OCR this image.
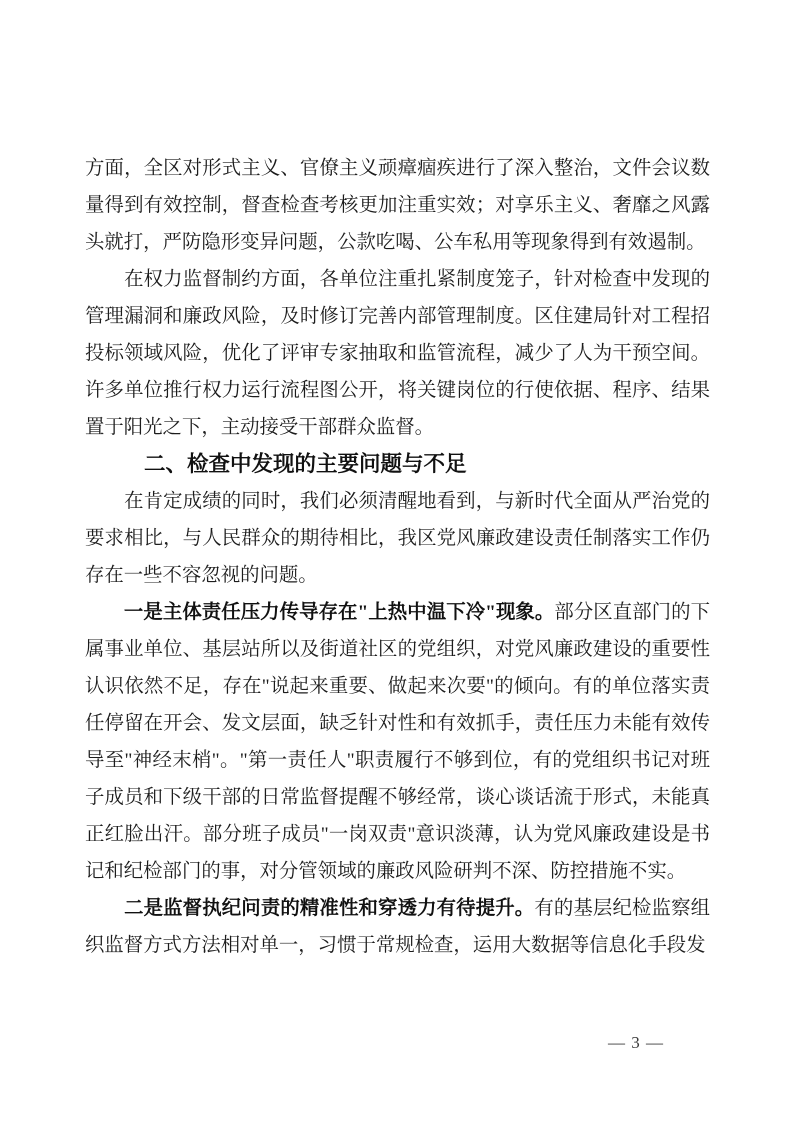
方面，全区对形式主义、官僚主义顽瘴痼疾进行了深入整治，文件会议数
量得到有效控制，督查检查考核更加注重实效；对享乐主义、奢靡之风露
头就打，严防隐形变异问题，公款吃喝、公车私用等现象得到有效遏制。
　　在权力监督制约方面，各单位注重扎紧制度笼子，针对检查中发现的
管理漏洞和廉政风险，及时修订完善内部管理制度。区住建局针对工程招
投标领域风险，优化了评审专家抽取和监管流程，减少了人为干预空间。
许多单位推行权力运行流程图公开，将关键岗位的行使依据、程序、结果
置于阳光之下，主动接受干部群众监督。
二、检查中发现的主要问题与不足
　　在肯定成绩的同时，我们必须清醒地看到，与新时代全面从严治党的
要求相比，与人民群众的期待相比，我区党风廉政建设责任制落实工作仍
存在一些不容忽视的问题。
　　一是主体责任压力传导存在"上热中温下冷"现象。部分区直部门的下
属事业单位、基层站所以及街道社区的党组织，对党风廉政建设的重要性
认识依然不足，存在"说起来重要、做起来次要"的倾向。有的单位落实责
任停留在开会、发文层面，缺乏针对性和有效抓手，责任压力未能有效传
导至"神经末梢"。"第一责任人"职责履行不够到位，有的党组织书记对班
子成员和下级干部的日常监督提醒不够经常，谈心谈话流于形式，未能真
正红脸出汗。部分班子成员"一岗双责"意识淡薄，认为党风廉政建设是书
记和纪检部门的事，对分管领域的廉政风险研判不深、防控措施不实。
　　二是监督执纪问责的精准性和穿透力有待提升。有的基层纪检监察组
织监督方式方法相对单一，习惯于常规检查，运用大数据等信息化手段发
— 3 —
